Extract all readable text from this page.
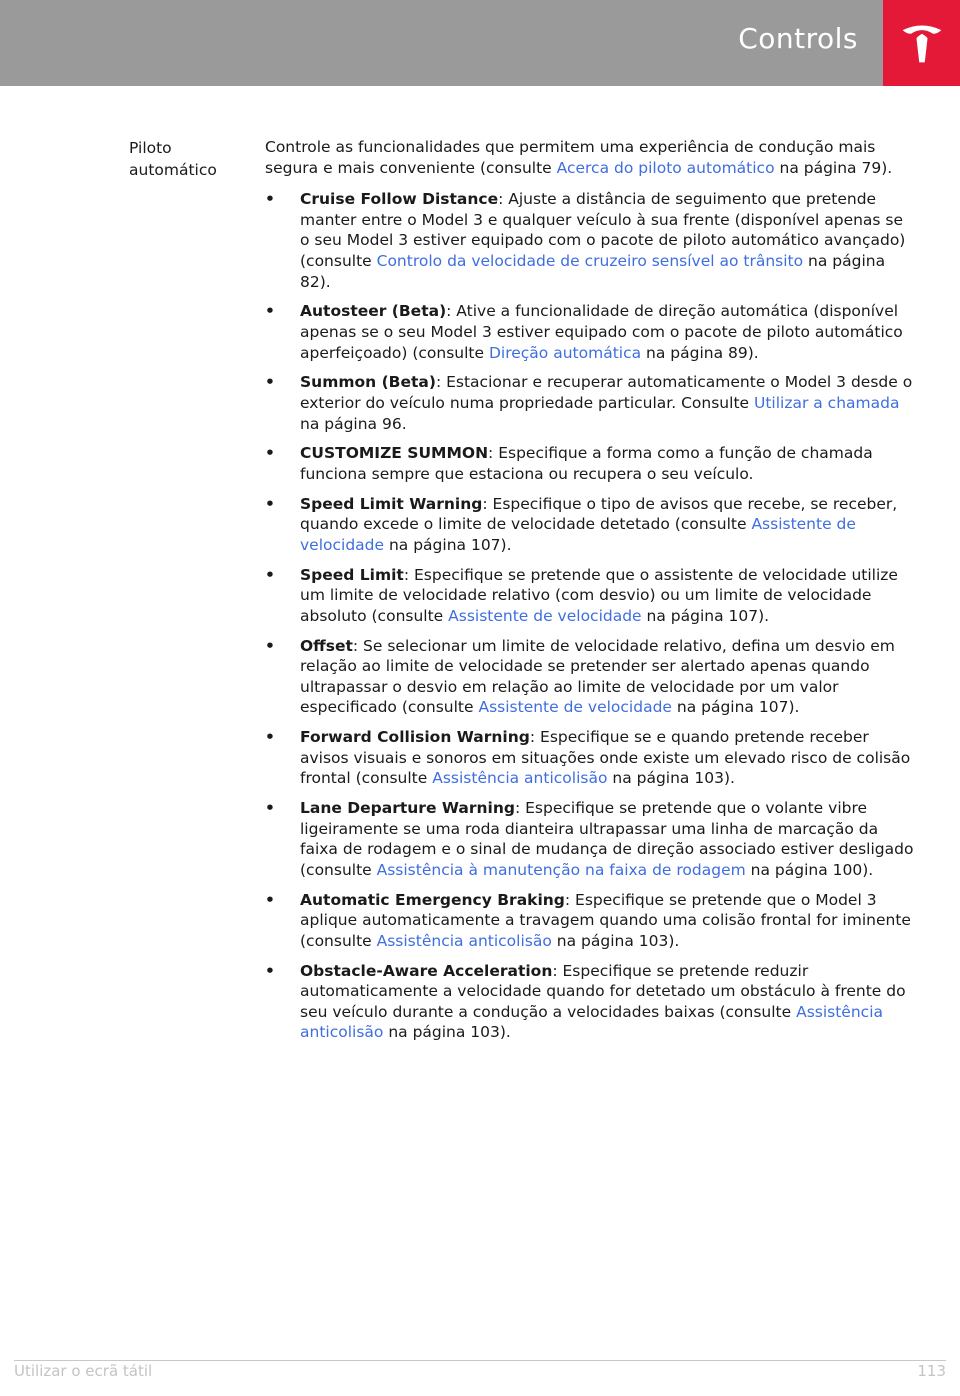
Controls
Piloto
automático

Controle as funcionalidades que permitem uma experiência de condução mais segura e mais conveniente (consulte Acerca do piloto automático na página 79).

• Cruise Follow Distance: Ajuste a distância de seguimento que pretende manter entre o Model 3 e qualquer veículo à sua frente (disponível apenas se o seu Model 3 estiver equipado com o pacote de piloto automático avançado) (consulte Controlo da velocidade de cruzeiro sensível ao trânsito na página 82).
• Autosteer (Beta): Ative a funcionalidade de direção automática (disponível apenas se o seu Model 3 estiver equipado com o pacote de piloto automático aperfeiçoado) (consulte Direção automática na página 89).
• Summon (Beta): Estacionar e recuperar automaticamente o Model 3 desde o exterior do veículo numa propriedade particular. Consulte Utilizar a chamada na página 96.
• CUSTOMIZE SUMMON: Especifique a forma como a função de chamada funciona sempre que estaciona ou recupera o seu veículo.
• Speed Limit Warning: Especifique o tipo de avisos que recebe, se receber, quando excede o limite de velocidade detetado (consulte Assistente de velocidade na página 107).
• Speed Limit: Especifique se pretende que o assistente de velocidade utilize um limite de velocidade relativo (com desvio) ou um limite de velocidade absoluto (consulte Assistente de velocidade na página 107).
• Offset: Se selecionar um limite de velocidade relativo, defina um desvio em relação ao limite de velocidade se pretender ser alertado apenas quando ultrapassar o desvio em relação ao limite de velocidade por um valor especificado (consulte Assistente de velocidade na página 107).
• Forward Collision Warning: Especifique se e quando pretende receber avisos visuais e sonoros em situações onde existe um elevado risco de colisão frontal (consulte Assistência anticolisão na página 103).
• Lane Departure Warning: Especifique se pretende que o volante vibre ligeiramente se uma roda dianteira ultrapassar uma linha de marcação da faixa de rodagem e o sinal de mudança de direção associado estiver desligado (consulte Assistência à manutenção na faixa de rodagem na página 100).
• Automatic Emergency Braking: Especifique se pretende que o Model 3 aplique automaticamente a travagem quando uma colisão frontal for iminente (consulte Assistência anticolisão na página 103).
• Obstacle-Aware Acceleration: Especifique se pretende reduzir automaticamente a velocidade quando for detetado um obstáculo à frente do seu veículo durante a condução a velocidades baixas (consulte Assistência anticolisão na página 103).
Utilizar o ecrã tátil	113
